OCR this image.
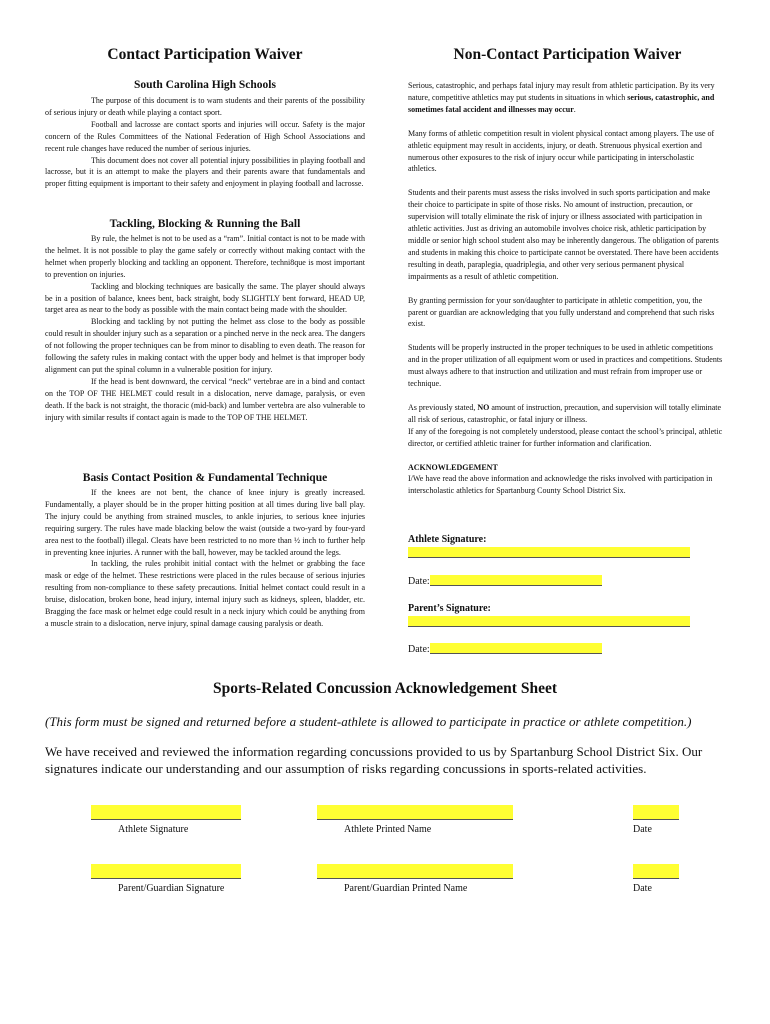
Contact Participation Waiver
South Carolina High Schools

The purpose of this document is to warn students and their parents of the possibility of serious injury or death while playing a contact sport.

Football and lacrosse are contact sports and injuries will occur. Safety is the major concern of the Rules Committees of the National Federation of High School Associations and recent rule changes have reduced the number of serious injuries.

This document does not cover all potential injury possibilities in playing football and lacrosse, but it is an attempt to make the players and their parents aware that fundamentals and proper fitting equipment is important to their safety and enjoyment in playing football and lacrosse.

Tackling, Blocking & Running the Ball

By rule, the helmet is not to be used as a “ram”. Initial contact is not to be made with the helmet. It is not possible to play the game safely or correctly without making contact with the helmet when properly blocking and tackling an opponent. Therefore, techni8que is most important to prevention on injuries.

Tackling and blocking techniques are basically the same. The player should always be in a position of balance, knees bent, back straight, body SLIGHTLY bent forward, HEAD UP, target area as near to the body as possible with the main contact being made with the shoulder.

Blocking and tackling by not putting the helmet ass close to the body as possible could result in shoulder injury such as a separation or a pinched nerve in the neck area. The dangers of not following the proper techniques can be from minor to disabling to even death. The reason for following the safety rules in making contact with the upper body and helmet is that improper body alignment can put the spinal column in a vulnerable position for injury.

If the head is bent downward, the cervical “neck” vertebrae are in a bind and contact on the TOP OF THE HELMET could result in a dislocation, nerve damage, paralysis, or even death. If the back is not straight, the thoracic (mid-back) and lumber vertebra are also vulnerable to injury with similar results if contact again is made to the TOP OF THE HELMET.

Basis Contact Position & Fundamental Technique

If the knees are not bent, the chance of knee injury is greatly increased. Fundamentally, a player should be in the proper hitting position at all times during live ball play. The injury could be anything from strained muscles, to ankle injuries, to serious knee injuries requiring surgery. The rules have made blacking below the waist (outside a two-yard by four-yard area nest to the football) illegal. Cleats have been restricted to no more than ½ inch to further help in preventing knee injuries. A runner with the ball, however, may be tackled around the legs.

In tackling, the rules prohibit initial contact with the helmet or grabbing the face mask or edge of the helmet. These restrictions were placed in the rules because of serious injuries resulting from non-compliance to these safety precautions. Initial helmet contact could result in a bruise, dislocation, broken bone, head injury, internal injury such as kidneys, spleen, bladder, etc. Bragging the face mask or helmet edge could result in a neck injury which could be anything from a muscle strain to a dislocation, nerve injury, spinal damage causing paralysis or death.

Non-Contact Participation Waiver

Serious, catastrophic, and perhaps fatal injury may result from athletic participation. By its very nature, competitive athletics may put students in situations in which serious, catastrophic, and sometimes fatal accident and illnesses may occur.

Many forms of athletic competition result in violent physical contact among players. The use of athletic equipment may result in accidents, injury, or death. Strenuous physical exertion and numerous other exposures to the risk of injury occur while participating in interscholastic athletics.

Students and their parents must assess the risks involved in such sports participation and make their choice to participate in spite of those risks. No amount of instruction, precaution, or supervision will totally eliminate the risk of injury or illness associated with participation in athletic activities. Just as driving an automobile involves choice risk, athletic participation by middle or senior high school student also may be inherently dangerous. The obligation of parents and students in making this choice to participate cannot be overstated. There have been accidents resulting in death, paraplegia, quadriplegia, and other very serious permanent physical impairments as a result of athletic competition.

By granting permission for your son/daughter to participate in athletic competition, you, the parent or guardian are acknowledging that you fully understand and comprehend that such risks exist.

Students will be properly instructed in the proper techniques to be used in athletic competitions and in the proper utilization of all equipment worn or used in practices and competitions. Students must always adhere to that instruction and utilization and must refrain from improper use or technique.

As previously stated, NO amount of instruction, precaution, and supervision will totally eliminate all risk of serious, catastrophic, or fatal injury or illness.

If any of the foregoing is not completely understood, please contact the school’s principal, athletic director, or certified athletic trainer for further information and clarification.

ACKNOWLEDGEMENT

I/We have read the above information and acknowledge the risks involved with participation in interscholastic athletics for Spartanburg County School District Six.

Athlete Signature:
Date:
Parent’s Signature:
Date:
Sports-Related Concussion Acknowledgement Sheet
(This form must be signed and returned before a student-athlete is allowed to participate in practice or athlete competition.)
We have received and reviewed the information regarding concussions provided to us by Spartanburg School District Six. Our signatures indicate our understanding and our assumption of risks regarding concussions in sports-related activities.
Athlete Signature	Athlete Printed Name	Date
Parent/Guardian Signature	Parent/Guardian Printed Name	Date
